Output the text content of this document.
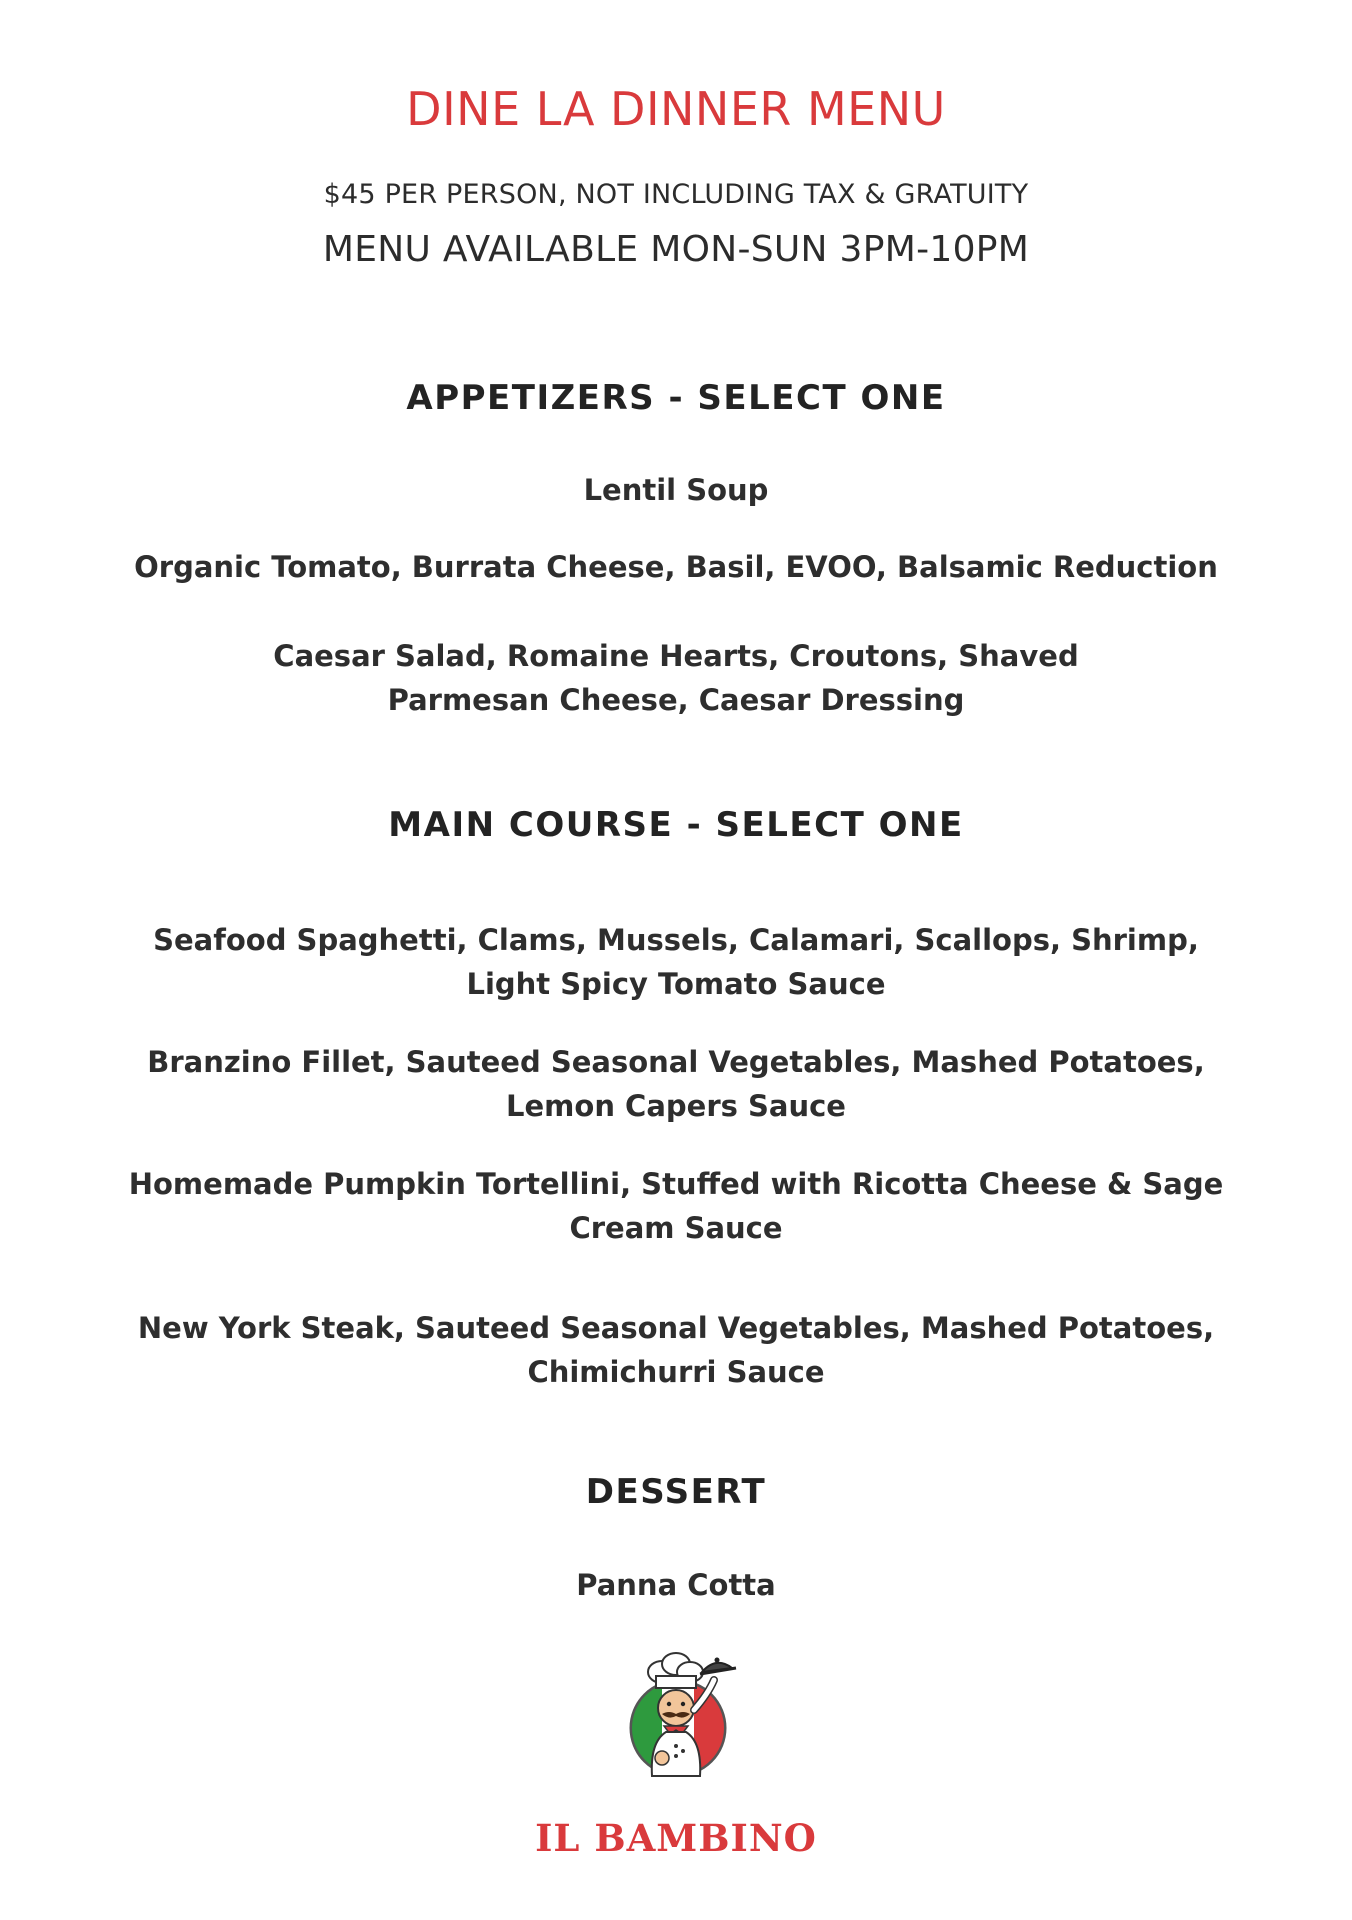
DINE LA DINNER MENU
$45 PER PERSON, NOT INCLUDING TAX & GRATUITY
MENU AVAILABLE MON-SUN 3PM-10PM
APPETIZERS - SELECT ONE
Lentil Soup
Organic Tomato, Burrata Cheese, Basil, EVOO, Balsamic Reduction
Caesar Salad, Romaine Hearts, Croutons, Shaved
Parmesan Cheese, Caesar Dressing
MAIN COURSE - SELECT ONE
Seafood Spaghetti, Clams, Mussels, Calamari, Scallops, Shrimp,
Light Spicy Tomato Sauce
Branzino Fillet, Sauteed Seasonal Vegetables, Mashed Potatoes,
Lemon Capers Sauce
Homemade Pumpkin Tortellini, Stuffed with Ricotta Cheese & Sage
Cream Sauce
New York Steak, Sauteed Seasonal Vegetables, Mashed Potatoes,
Chimichurri Sauce
DESSERT
Panna Cotta
IL BAMBINO
